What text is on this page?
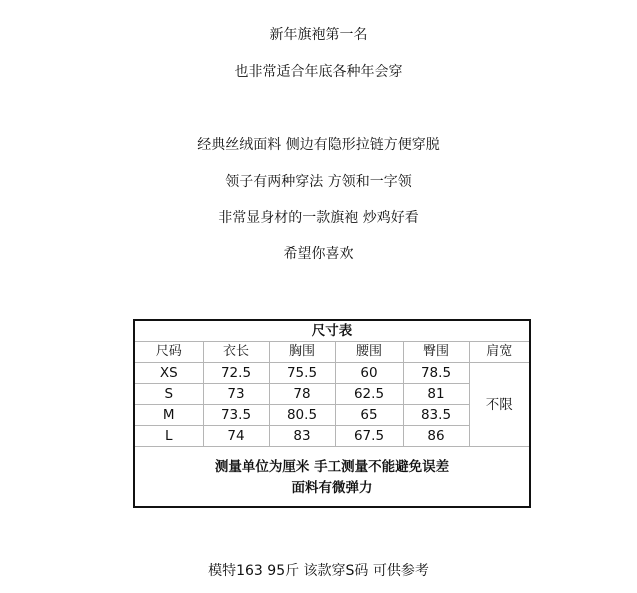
新年旗袍第一名
也非常适合年底各种年会穿
经典丝绒面料 侧边有隐形拉链方便穿脱
领子有两种穿法 方领和一字领
非常显身材的一款旗袍 炒鸡好看
希望你喜欢
尺寸表					
尺码	衣长	胸围	腰围	臀围	肩宽
XS	72.5	75.5	60	78.5	不限
S	73	78	62.5	81	
M	73.5	80.5	65	83.5	
L	74	83	67.5	86	
测量单位为厘米 手工测量不能避免误差
面料有微弹力
模特163 95斤 该款穿S码 可供参考
